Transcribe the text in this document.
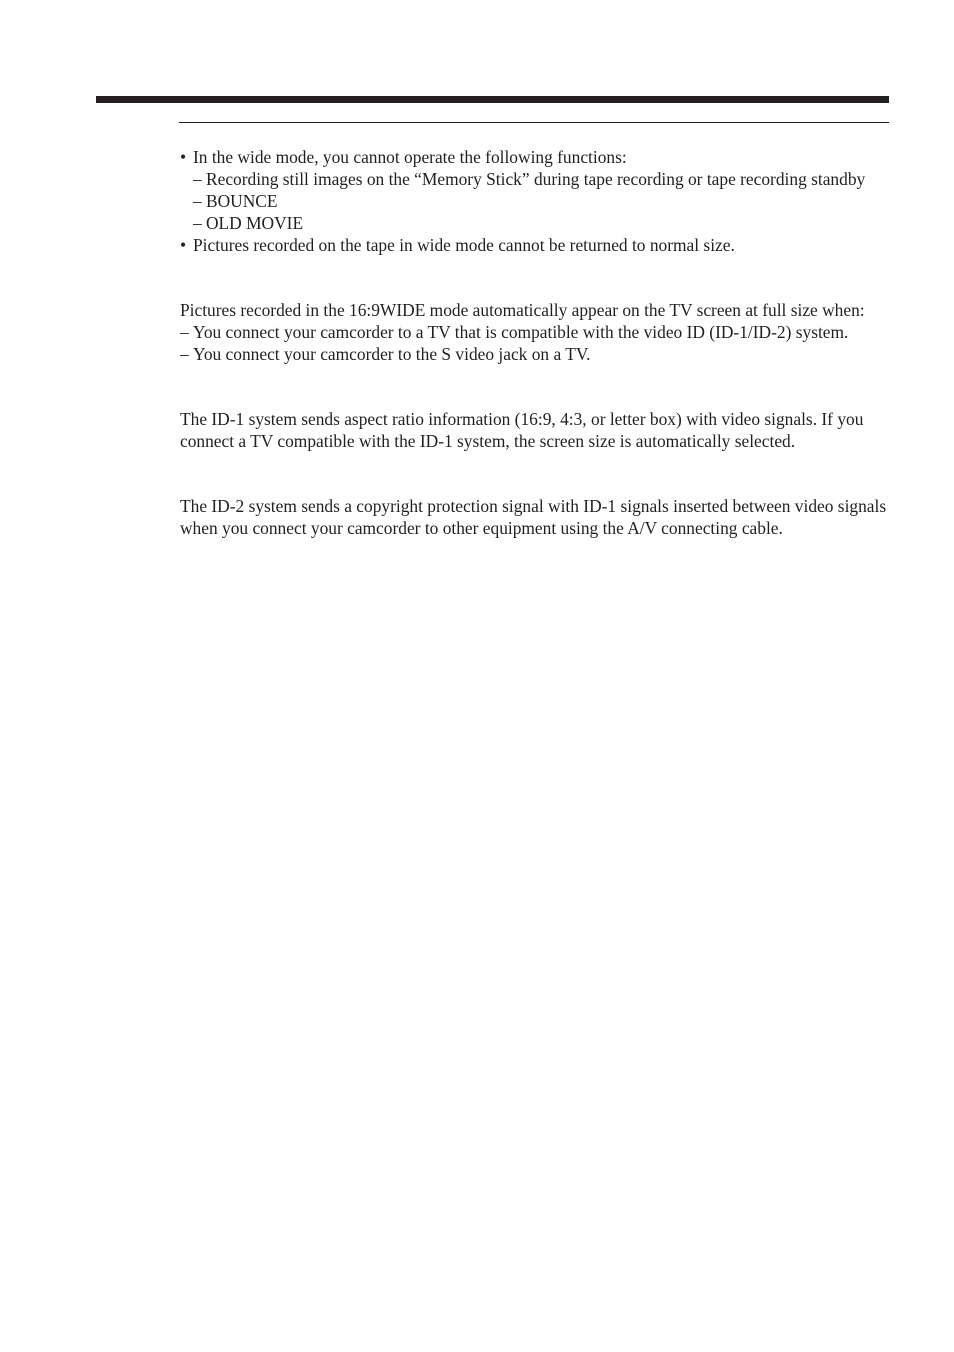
• In the wide mode, you cannot operate the following functions:
– Recording still images on the “Memory Stick” during tape recording or tape recording standby
– BOUNCE
– OLD MOVIE
• Pictures recorded on the tape in wide mode cannot be returned to normal size.

Pictures recorded in the 16:9WIDE mode automatically appear on the TV screen at full size when:

– You connect your camcorder to a TV that is compatible with the video ID (ID-1/ID-2) system.
– You connect your camcorder to the S video jack on a TV.

The ID-1 system sends aspect ratio information (16:9, 4:3, or letter box) with video signals. If you connect a TV compatible with the ID-1 system, the screen size is automatically selected.

The ID-2 system sends a copyright protection signal with ID-1 signals inserted between video signals when you connect your camcorder to other equipment using the A/V connecting cable.
